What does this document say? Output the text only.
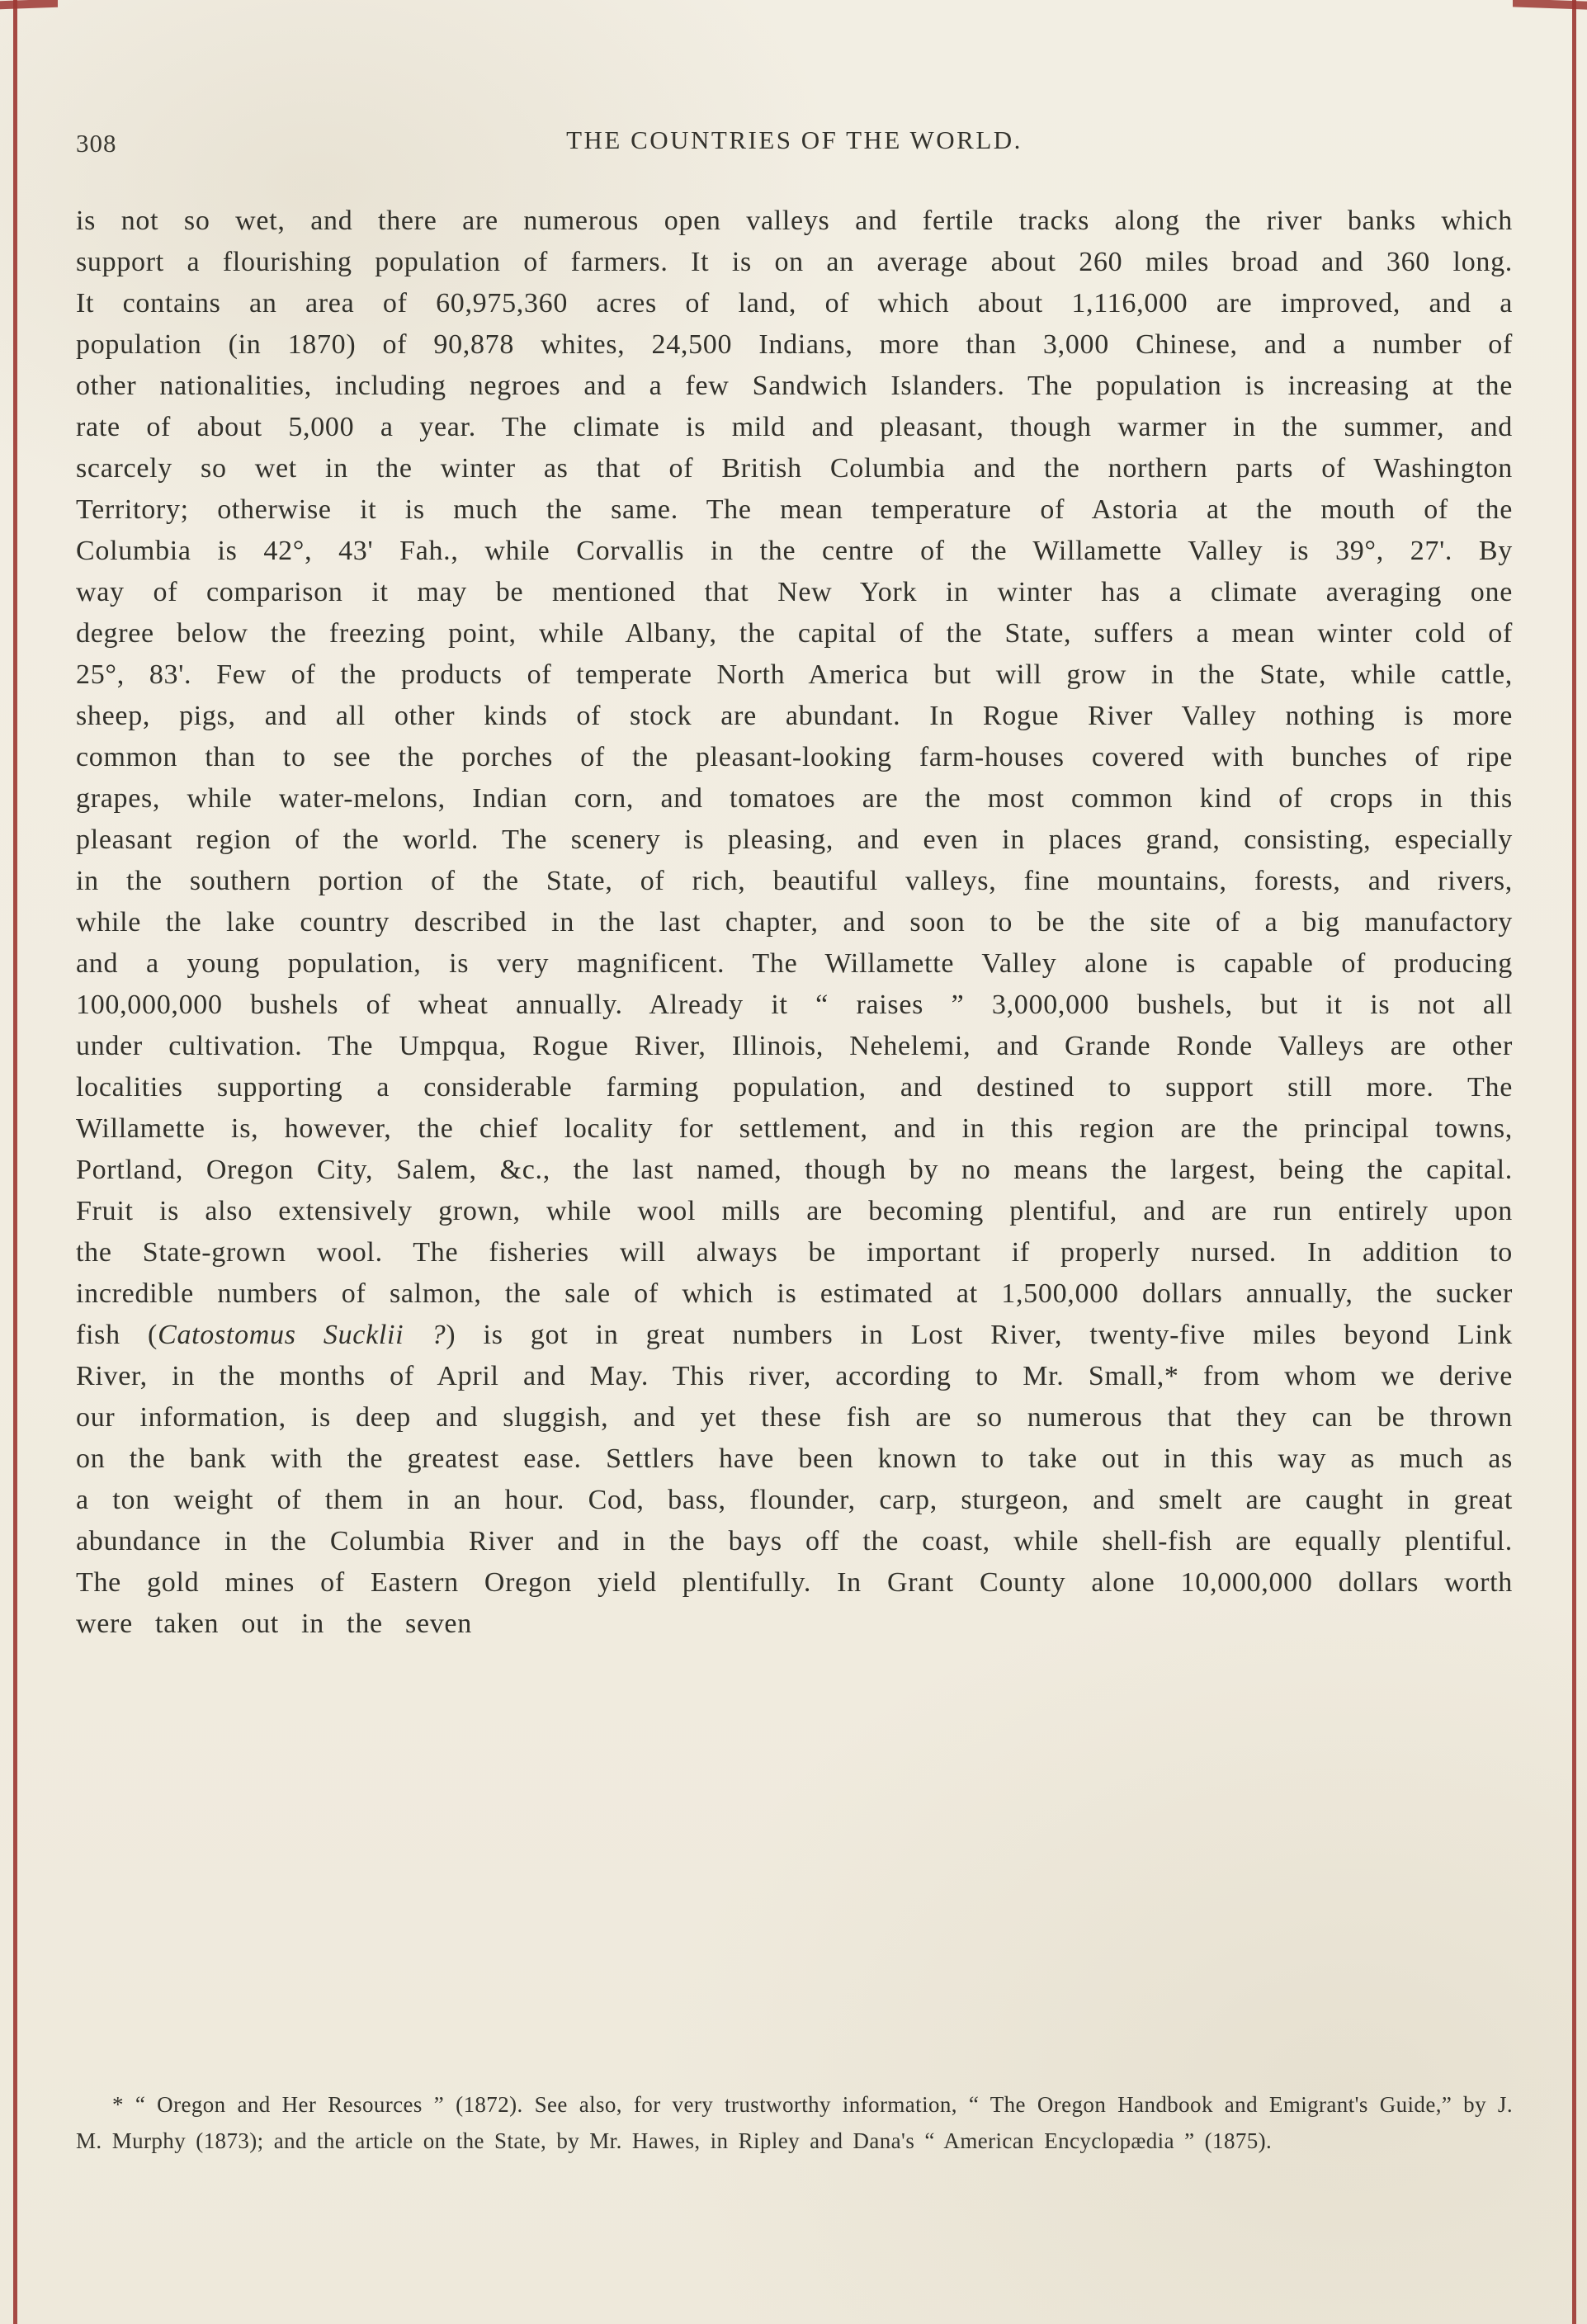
308	THE COUNTRIES OF THE WORLD.

is not so wet, and there are numerous open valleys and fertile tracks along the river banks which support a flourishing population of farmers. It is on an average about 260 miles broad and 360 long. It contains an area of 60,975,360 acres of land, of which about 1,116,000 are improved, and a population (in 1870) of 90,878 whites, 24,500 Indians, more than 3,000 Chinese, and a number of other nationalities, including negroes and a few Sandwich Islanders. The population is increasing at the rate of about 5,000 a year. The climate is mild and pleasant, though warmer in the summer, and scarcely so wet in the winter as that of British Columbia and the northern parts of Washington Territory; otherwise it is much the same. The mean temperature of Astoria at the mouth of the Columbia is 42°, 43' Fah., while Corvallis in the centre of the Willamette Valley is 39°, 27'. By way of comparison it may be mentioned that New York in winter has a climate averaging one degree below the freezing point, while Albany, the capital of the State, suffers a mean winter cold of 25°, 83'. Few of the products of temperate North America but will grow in the State, while cattle, sheep, pigs, and all other kinds of stock are abundant. In Rogue River Valley nothing is more common than to see the porches of the pleasant-looking farm-houses covered with bunches of ripe grapes, while water-melons, Indian corn, and tomatoes are the most common kind of crops in this pleasant region of the world. The scenery is pleasing, and even in places grand, consisting, especially in the southern portion of the State, of rich, beautiful valleys, fine mountains, forests, and rivers, while the lake country described in the last chapter, and soon to be the site of a big manufactory and a young population, is very magnificent. The Willamette Valley alone is capable of producing 100,000,000 bushels of wheat annually. Already it “ raises ” 3,000,000 bushels, but it is not all under cultivation. The Umpqua, Rogue River, Illinois, Nehelemi, and Grande Ronde Valleys are other localities supporting a considerable farming population, and destined to support still more. The Willamette is, however, the chief locality for settlement, and in this region are the principal towns, Portland, Oregon City, Salem, &c., the last named, though by no means the largest, being the capital. Fruit is also extensively grown, while wool mills are becoming plentiful, and are run entirely upon the State-grown wool. The fisheries will always be important if properly nursed. In addition to incredible numbers of salmon, the sale of which is estimated at 1,500,000 dollars annually, the sucker fish (Catostomus Sucklii ?) is got in great numbers in Lost River, twenty-five miles beyond Link River, in the months of April and May. This river, according to Mr. Small,* from whom we derive our information, is deep and sluggish, and yet these fish are so numerous that they can be thrown on the bank with the greatest ease. Settlers have been known to take out in this way as much as a ton weight of them in an hour. Cod, bass, flounder, carp, sturgeon, and smelt are caught in great abundance in the Columbia River and in the bays off the coast, while shell-fish are equally plentiful. The gold mines of Eastern Oregon yield plentifully. In Grant County alone 10,000,000 dollars worth were taken out in the seven

* “ Oregon and Her Resources ” (1872). See also, for very trustworthy information, “ The Oregon Handbook and Emigrant's Guide,” by J. M. Murphy (1873); and the article on the State, by Mr. Hawes, in Ripley and Dana's “ American Encyclopædia ” (1875).
